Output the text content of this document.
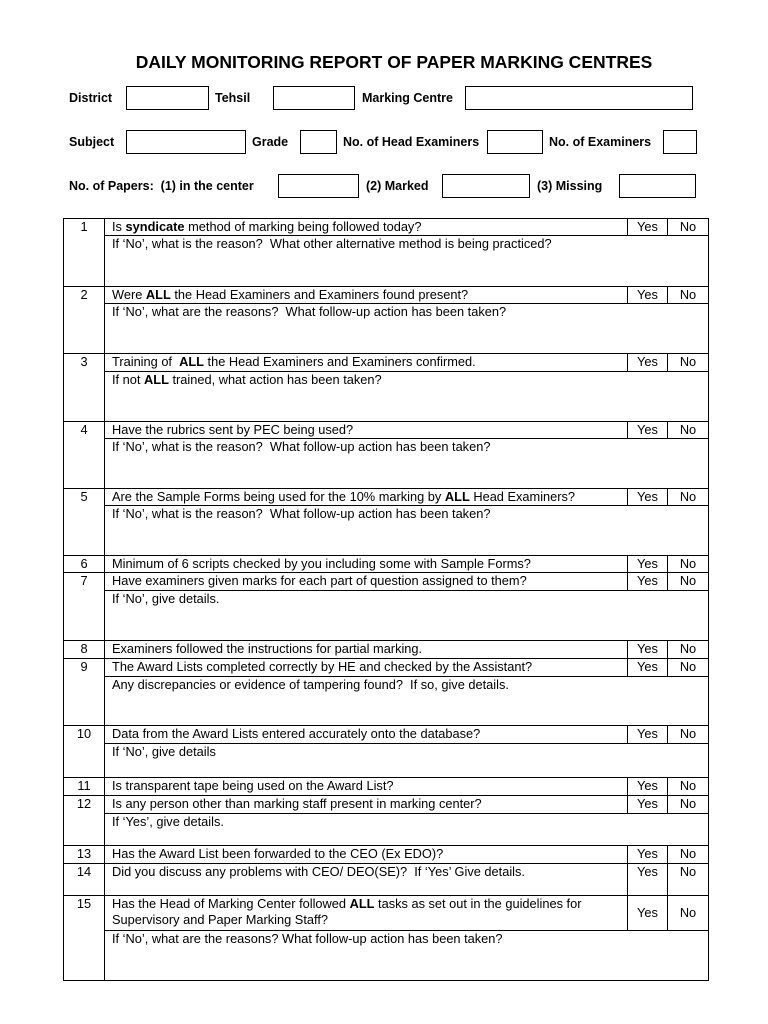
DAILY MONITORING REPORT OF PAPER MARKING CENTRES
District	Tehsil	Marking Centre
Subject	Grade	No. of Head Examiners	No. of Examiners
No. of Papers:  (1) in the center	(2) Marked	(3) Missing
1	Is syndicate method of marking being followed today?	Yes	No
If ‘No’, what is the reason?  What other alternative method is being practiced?
2	Were ALL the Head Examiners and Examiners found present?	Yes	No
If ‘No’, what are the reasons?  What follow-up action has been taken?
3	Training of  ALL the Head Examiners and Examiners confirmed.	Yes	No
If not ALL trained, what action has been taken?
4	Have the rubrics sent by PEC being used?	Yes	No
If ‘No’, what is the reason?  What follow-up action has been taken?
5	Are the Sample Forms being used for the 10% marking by ALL Head Examiners?	Yes	No
If ‘No’, what is the reason?  What follow-up action has been taken?
6	Minimum of 6 scripts checked by you including some with Sample Forms?	Yes	No
7	Have examiners given marks for each part of question assigned to them?	Yes	No
If ‘No’, give details.
8	Examiners followed the instructions for partial marking.	Yes	No
9	The Award Lists completed correctly by HE and checked by the Assistant?	Yes	No
Any discrepancies or evidence of tampering found?  If so, give details.
10	Data from the Award Lists entered accurately onto the database?	Yes	No
If ‘No’, give details
11	Is transparent tape being used on the Award List?	Yes	No
12	Is any person other than marking staff present in marking center?	Yes	No
If ‘Yes’, give details.
13	Has the Award List been forwarded to the CEO (Ex EDO)?	Yes	No
14	Did you discuss any problems with CEO/ DEO(SE)?  If ‘Yes’ Give details.	Yes	No
15	Has the Head of Marking Center followed ALL tasks as set out in the guidelines for Supervisory and Paper Marking Staff?	Yes	No
If ‘No’, what are the reasons? What follow-up action has been taken?
